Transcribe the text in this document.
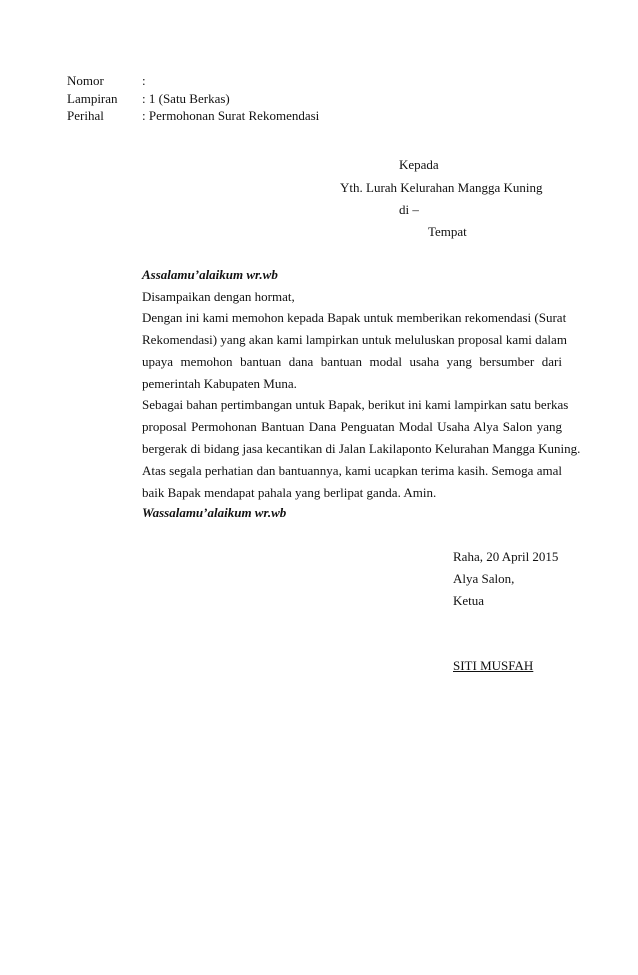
Nomor	:
Lampiran : 1 (Satu Berkas)
Perihal	: Permohonan Surat Rekomendasi
Kepada
Yth. Lurah Kelurahan Mangga Kuning
di –
Tempat
Assalamu’alaikum wr.wb
Disampaikan dengan hormat,
Dengan ini kami memohon kepada Bapak untuk memberikan rekomendasi (Surat
Rekomendasi) yang akan kami lampirkan untuk meluluskan proposal kami dalam
upaya memohon bantuan dana bantuan modal usaha yang bersumber dari
pemerintah Kabupaten Muna.
Sebagai bahan pertimbangan untuk Bapak, berikut ini kami lampirkan satu berkas
proposal Permohonan Bantuan Dana Penguatan Modal Usaha Alya Salon yang
bergerak di bidang jasa kecantikan di Jalan Lakilaponto Kelurahan Mangga Kuning.
Atas segala perhatian dan bantuannya, kami ucapkan terima kasih. Semoga amal
baik Bapak mendapat pahala yang berlipat ganda. Amin.
Wassalamu’alaikum wr.wb
Raha, 20 April 2015
Alya Salon,
Ketua
SITI MUSFAH
